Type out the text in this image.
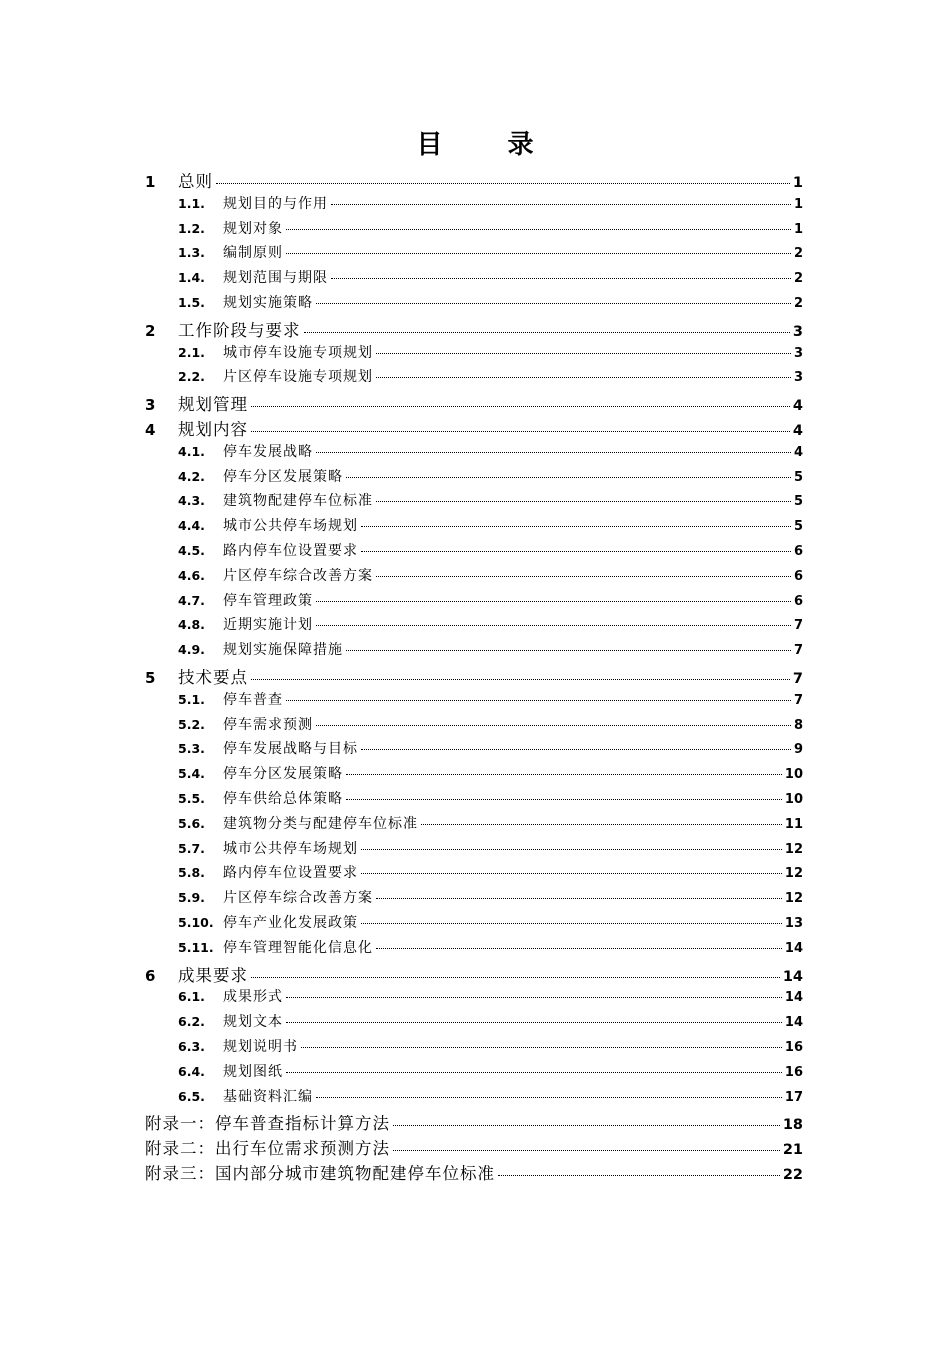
目 录
1	总则	1
1.1.	规划目的与作用	1
1.2.	规划对象	1
1.3.	编制原则	2
1.4.	规划范围与期限	2
1.5.	规划实施策略	2
2	工作阶段与要求	3
2.1.	城市停车设施专项规划	3
2.2.	片区停车设施专项规划	3
3	规划管理	4
4	规划内容	4
4.1.	停车发展战略	4
4.2.	停车分区发展策略	5
4.3.	建筑物配建停车位标准	5
4.4.	城市公共停车场规划	5
4.5.	路内停车位设置要求	6
4.6.	片区停车综合改善方案	6
4.7.	停车管理政策	6
4.8.	近期实施计划	7
4.9.	规划实施保障措施	7
5	技术要点	7
5.1.	停车普查	7
5.2.	停车需求预测	8
5.3.	停车发展战略与目标	9
5.4.	停车分区发展策略	10
5.5.	停车供给总体策略	10
5.6.	建筑物分类与配建停车位标准	11
5.7.	城市公共停车场规划	12
5.8.	路内停车位设置要求	12
5.9.	片区停车综合改善方案	12
5.10. 停车产业化发展政策	13
5.11. 停车管理智能化信息化	14
6	成果要求	14
6.1.	成果形式	14
6.2.	规划文本	14
6.3.	规划说明书	16
6.4.	规划图纸	16
6.5.	基础资料汇编	17
附录一：停车普查指标计算方法	18
附录二：出行车位需求预测方法	21
附录三：国内部分城市建筑物配建停车位标准	22
